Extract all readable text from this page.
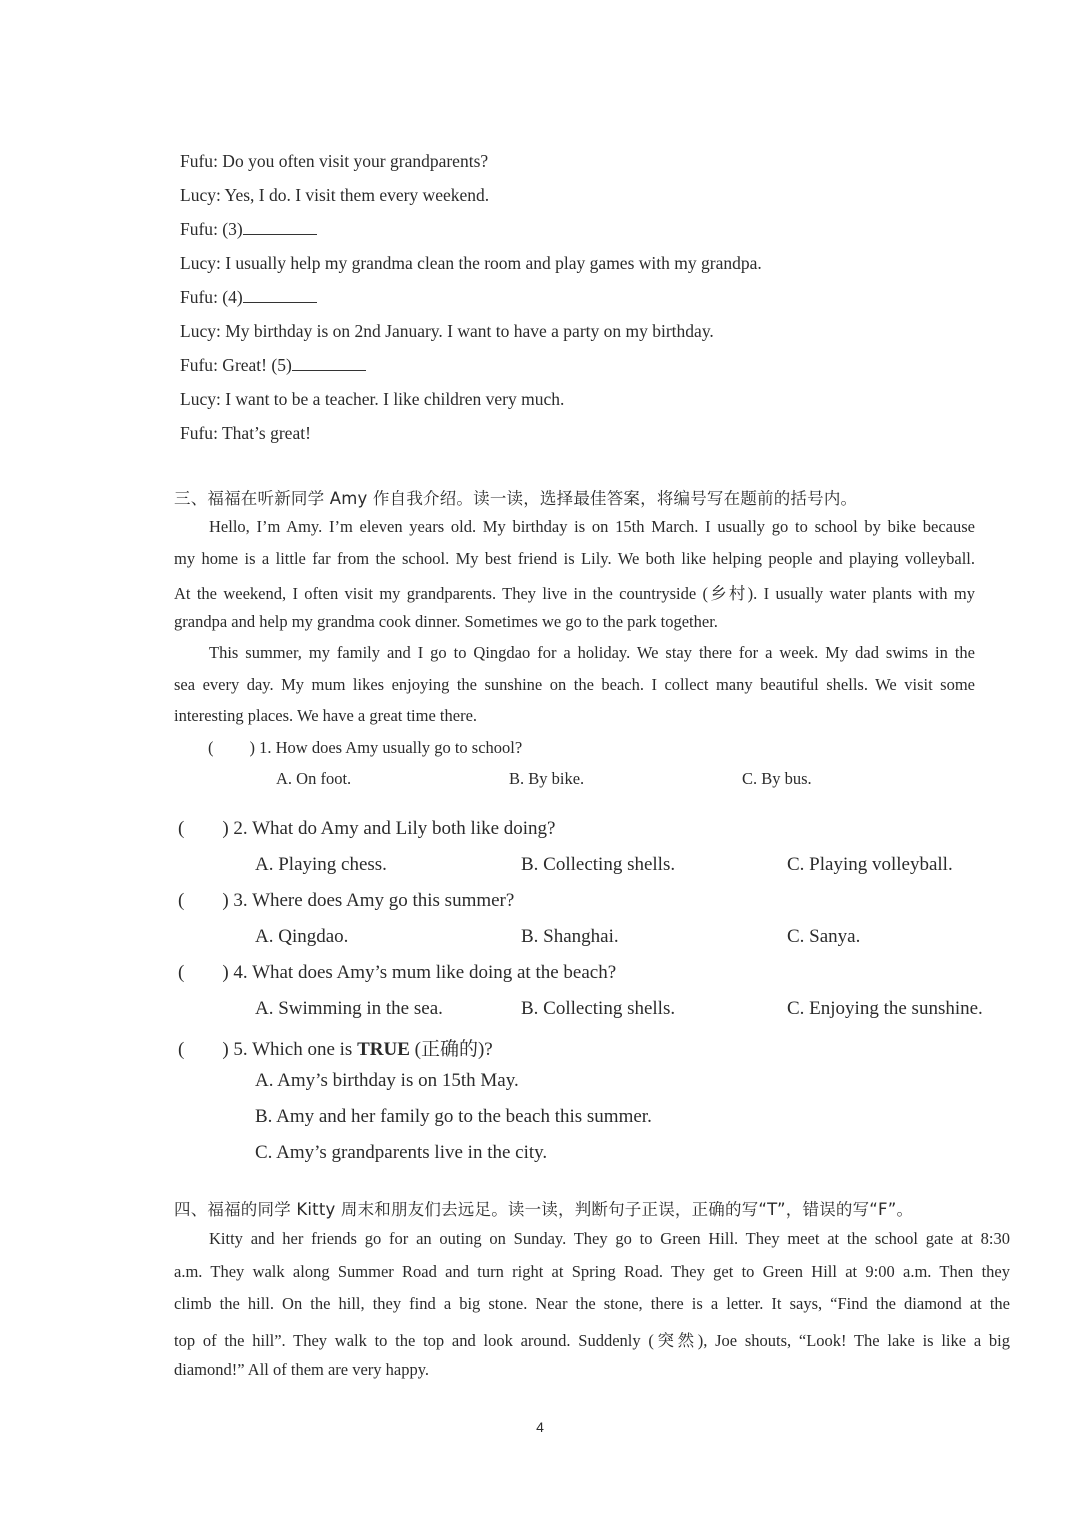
Fufu: Do you often visit your grandparents?
Lucy: Yes, I do. I visit them every weekend.
Fufu: (3)
Lucy: I usually help my grandma clean the room and play games with my grandpa.
Fufu: (4)
Lucy: My birthday is on 2nd January. I want to have a party on my birthday.
Fufu: Great! (5)
Lucy: I want to be a teacher. I like children very much.
Fufu: That’s great!
三、福福在听新同学 Amy 作自我介绍。读一读，选择最佳答案，将编号写在题前的括号内。
Hello, I’m Amy. I’m eleven years old. My birthday is on 15th March. I usually go to school by bike because
my home is a little far from the school. My best friend is Lily. We both like helping people and playing volleyball.
At the weekend, I often visit my grandparents. They live in the countryside (乡村). I usually water plants with my
grandpa and help my grandma cook dinner. Sometimes we go to the park together.
This summer, my family and I go to Qingdao for a holiday. We stay there for a week. My dad swims in the
sea every day. My mum likes enjoying the sunshine on the beach. I collect many beautiful shells. We visit some
interesting places. We have a great time there.
( ) 1. How does Amy usually go to school?
A. On foot.	B. By bike.	C. By bus.
( ) 2. What do Amy and Lily both like doing?
A. Playing chess.	B. Collecting shells.	C. Playing volleyball.
( ) 3. Where does Amy go this summer?
A. Qingdao.	B. Shanghai.	C. Sanya.
( ) 4. What does Amy’s mum like doing at the beach?
A. Swimming in the sea.	B. Collecting shells.	C. Enjoying the sunshine.
( ) 5. Which one is TRUE (正确的)?
A. Amy’s birthday is on 15th May.
B. Amy and her family go to the beach this summer.
C. Amy’s grandparents live in the city.
四、福福的同学 Kitty 周末和朋友们去远足。读一读，判断句子正误，正确的写“T”，错误的写“F”。
Kitty and her friends go for an outing on Sunday. They go to Green Hill. They meet at the school gate at 8:30
a.m. They walk along Summer Road and turn right at Spring Road. They get to Green Hill at 9:00 a.m. Then they
climb the hill. On the hill, they find a big stone. Near the stone, there is a letter. It says, “Find the diamond at the
top of the hill”. They walk to the top and look around. Suddenly (突然), Joe shouts, “Look! The lake is like a big
diamond!” All of them are very happy.
4
